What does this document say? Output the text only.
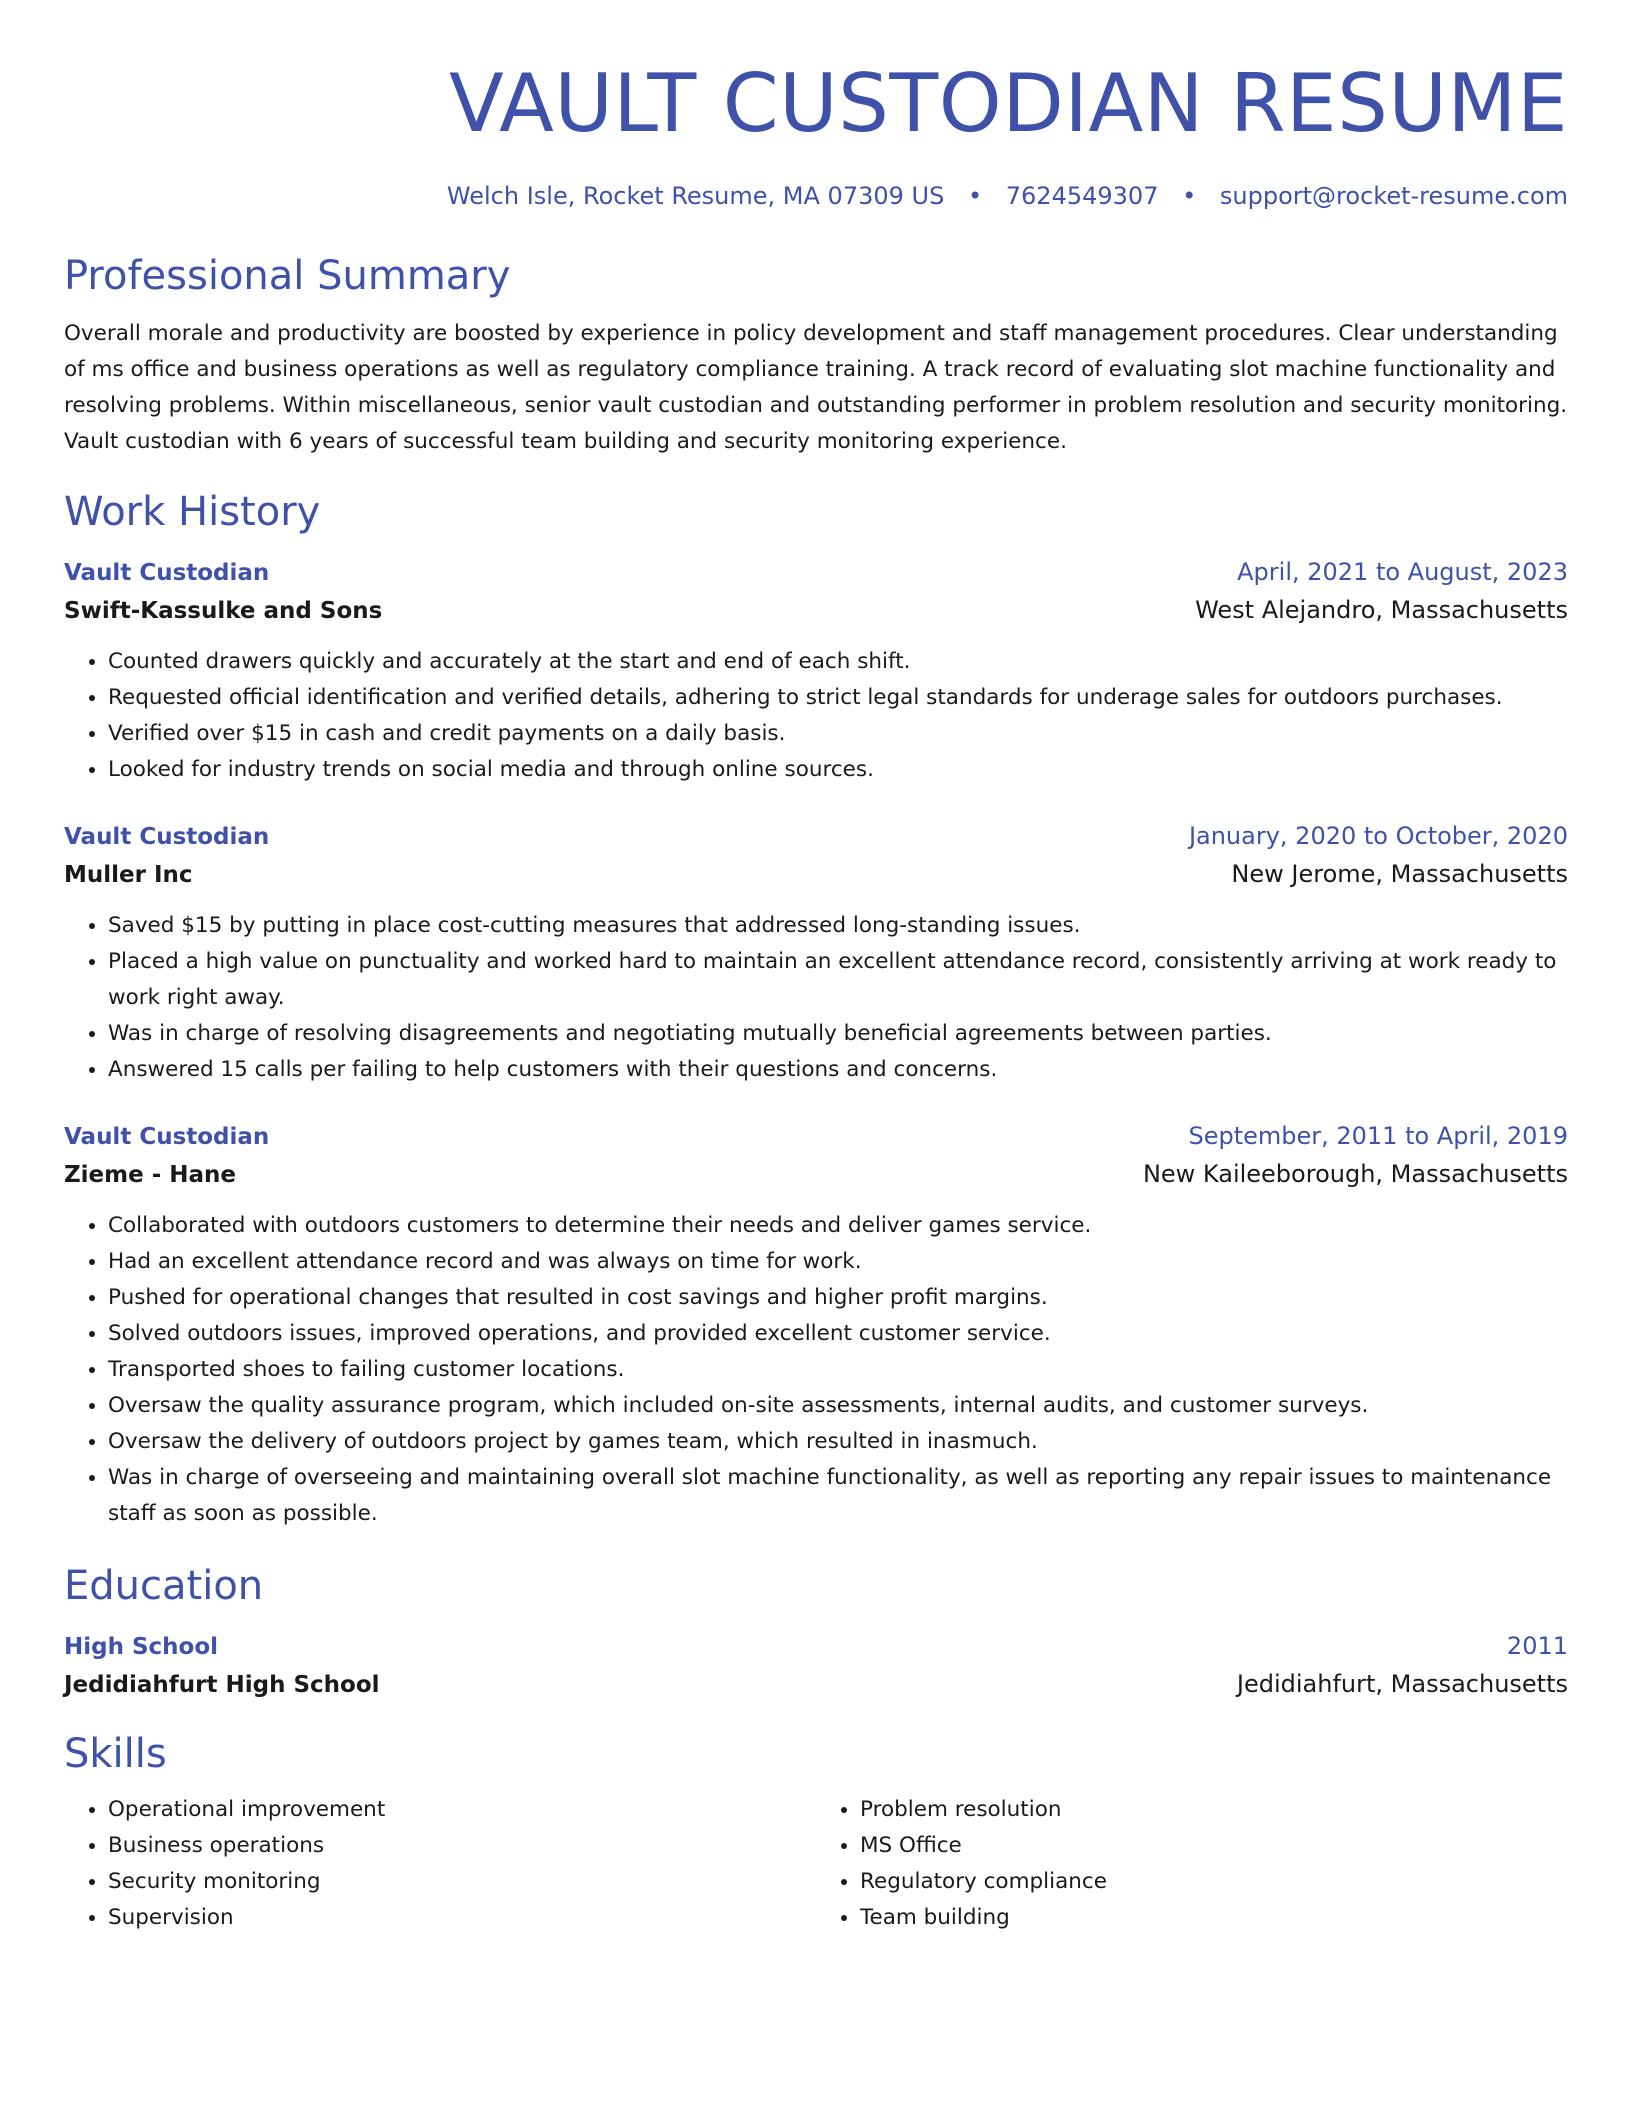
VAULT CUSTODIAN RESUME
Welch Isle, Rocket Resume, MA 07309 US • 7624549307 • support@rocket-resume.com
Professional Summary
Overall morale and productivity are boosted by experience in policy development and staff management procedures. Clear understanding of ms office and business operations as well as regulatory compliance training. A track record of evaluating slot machine functionality and resolving problems. Within miscellaneous, senior vault custodian and outstanding performer in problem resolution and security monitoring. Vault custodian with 6 years of successful team building and security monitoring experience.
Work History
Vault Custodian	April, 2021 to August, 2023
Swift-Kassulke and Sons	West Alejandro, Massachusetts
• Counted drawers quickly and accurately at the start and end of each shift.
• Requested official identification and verified details, adhering to strict legal standards for underage sales for outdoors purchases.
• Verified over $15 in cash and credit payments on a daily basis.
• Looked for industry trends on social media and through online sources.
Vault Custodian	January, 2020 to October, 2020
Muller Inc	New Jerome, Massachusetts
• Saved $15 by putting in place cost-cutting measures that addressed long-standing issues.
• Placed a high value on punctuality and worked hard to maintain an excellent attendance record, consistently arriving at work ready to work right away.
• Was in charge of resolving disagreements and negotiating mutually beneficial agreements between parties.
• Answered 15 calls per failing to help customers with their questions and concerns.
Vault Custodian	September, 2011 to April, 2019
Zieme - Hane	New Kaileeborough, Massachusetts
• Collaborated with outdoors customers to determine their needs and deliver games service.
• Had an excellent attendance record and was always on time for work.
• Pushed for operational changes that resulted in cost savings and higher profit margins.
• Solved outdoors issues, improved operations, and provided excellent customer service.
• Transported shoes to failing customer locations.
• Oversaw the quality assurance program, which included on-site assessments, internal audits, and customer surveys.
• Oversaw the delivery of outdoors project by games team, which resulted in inasmuch.
• Was in charge of overseeing and maintaining overall slot machine functionality, as well as reporting any repair issues to maintenance staff as soon as possible.
Education
High School	2011
Jedidiahfurt High School	Jedidiahfurt, Massachusetts
Skills
• Operational improvement
• Business operations
• Security monitoring
• Supervision
• Problem resolution
• MS Office
• Regulatory compliance
• Team building
